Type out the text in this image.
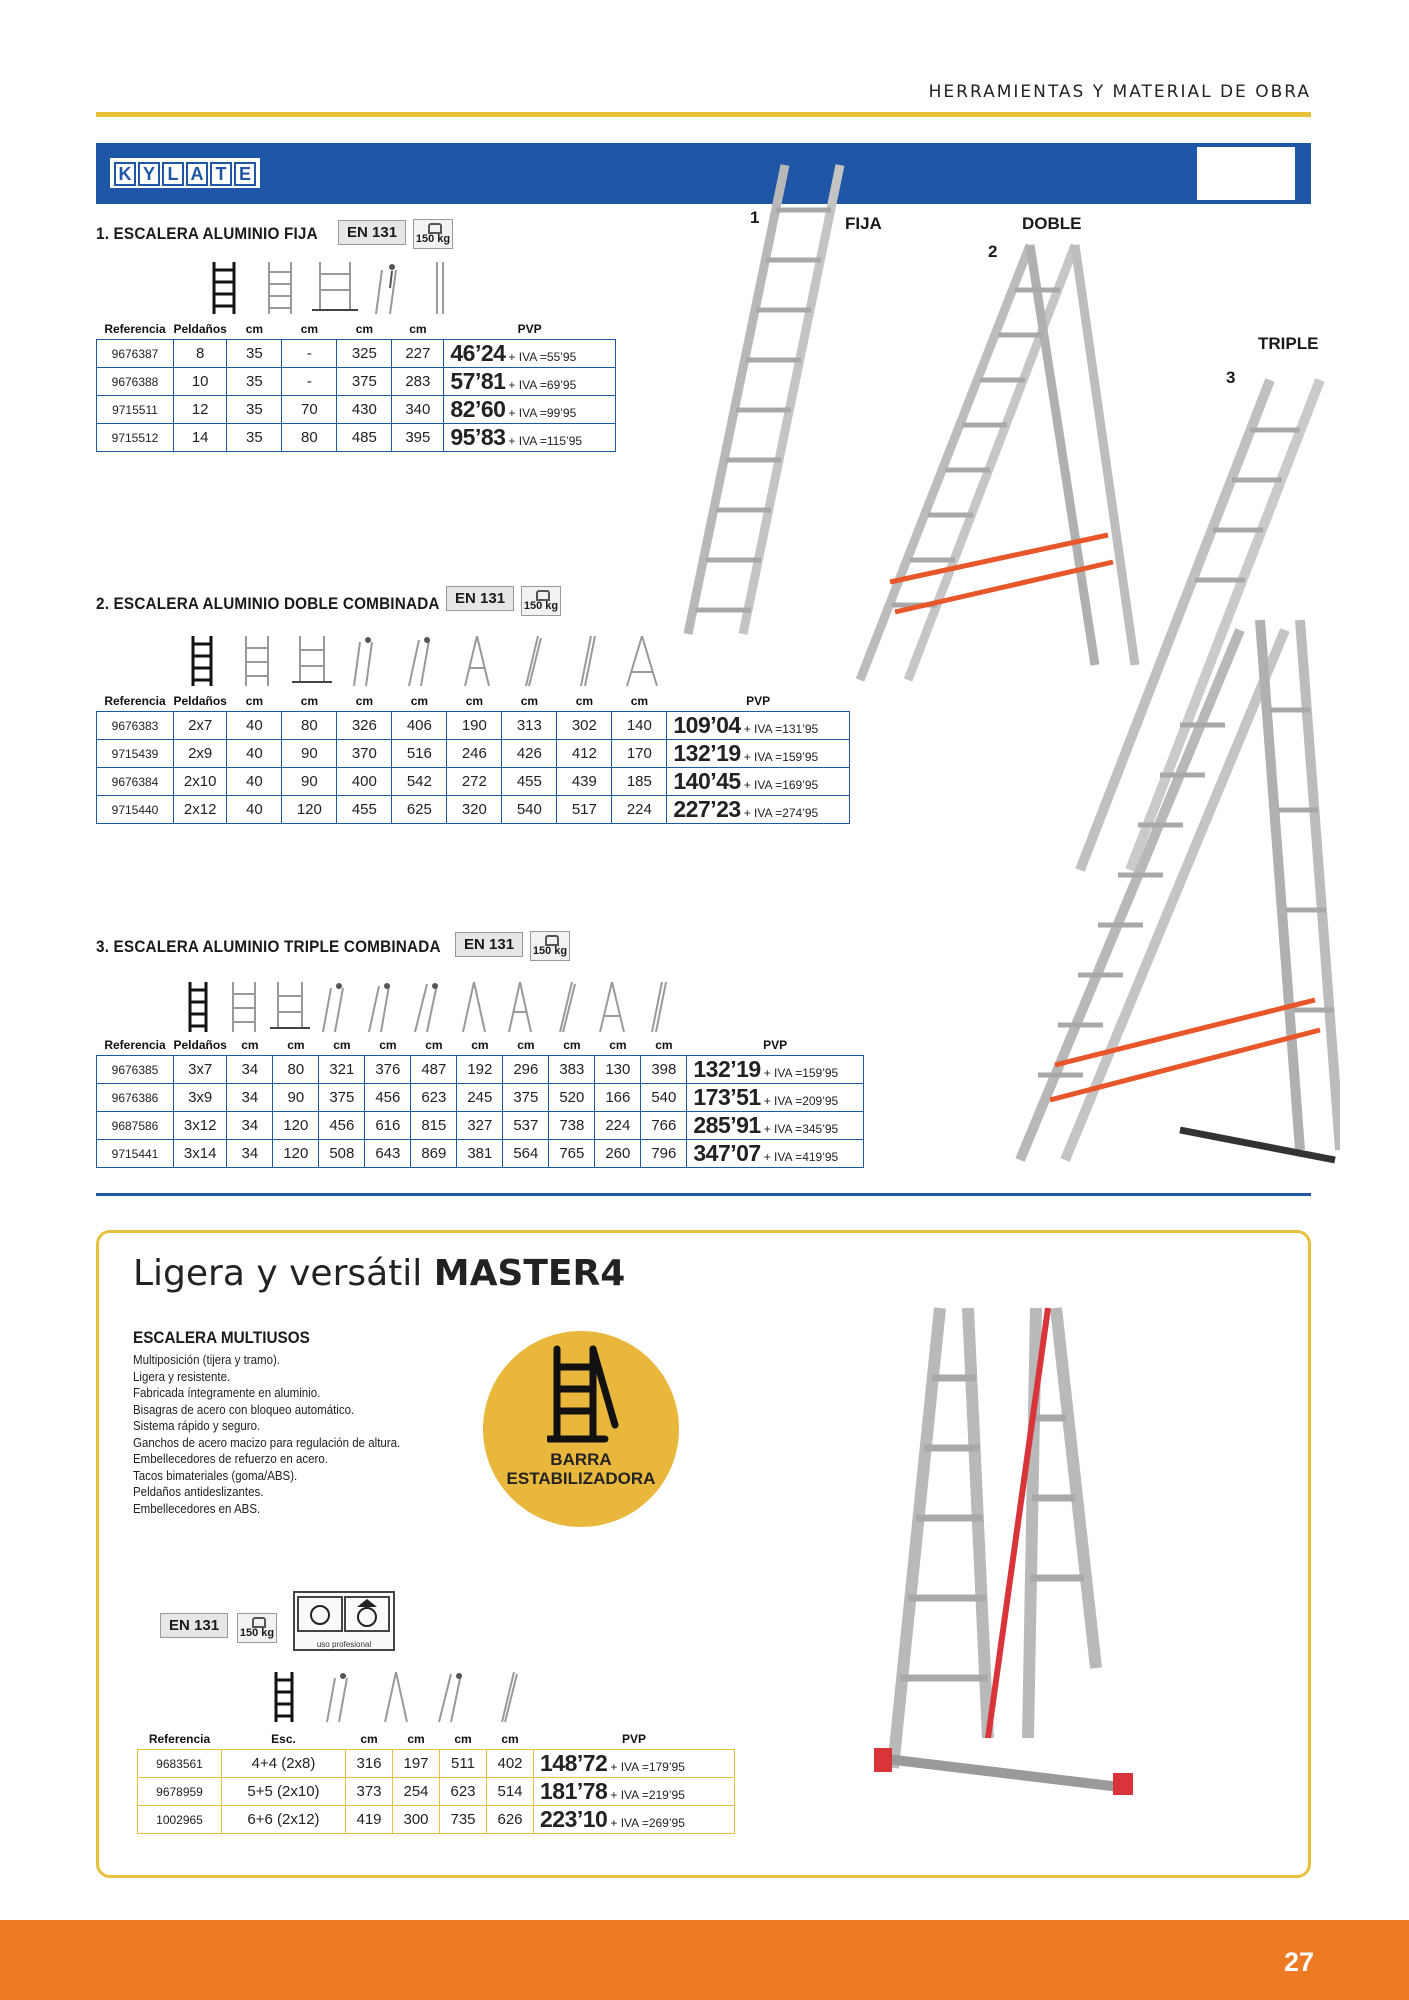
HERRAMIENTAS Y MATERIAL DE OBRA
K Y L A T E
1. ESCALERA ALUMINIO FIJA	EN 131	150 kg
Referencia	Peldaños	cm	cm	cm	cm	PVP
9676387	8	35	-	325	227	46’24 + IVA =55’95
9676388	10	35	-	375	283	57’81 + IVA =69’95
9715511	12	35	70	430	340	82’60 + IVA =99’95
9715512	14	35	80	485	395	95’83 + IVA =115’95
2. ESCALERA ALUMINIO DOBLE COMBINADA	EN 131	150 kg
Referencia	Peldaños	cm	cm	cm	cm	cm	cm	cm	cm	PVP
9676383	2x7	40	80	326	406	190	313	302	140	109’04 + IVA =131’95
9715439	2x9	40	90	370	516	246	426	412	170	132’19 + IVA =159’95
9676384	2x10	40	90	400	542	272	455	439	185	140’45 + IVA =169’95
9715440	2x12	40	120	455	625	320	540	517	224	227’23 + IVA =274’95
3. ESCALERA ALUMINIO TRIPLE COMBINADA	EN 131	150 kg
Referencia	Peldaños	cm	cm	cm	cm	cm	cm	cm	cm	cm	cm	PVP
9676385	3x7	34	80	321	376	487	192	296	383	130	398	132’19 + IVA =159’95
9676386	3x9	34	90	375	456	623	245	375	520	166	540	173’51 + IVA =209’95
9687586	3x12	34	120	456	616	815	327	537	738	224	766	285’91 + IVA =345’95
9715441	3x14	34	120	508	643	869	381	564	765	260	796	347’07 + IVA =419’95
1	FIJA	DOBLE
2
TRIPLE
3
Ligera y versátil MASTER4
ESCALERA MULTIUSOS
Multiposición (tijera y tramo).
Ligera y resistente.
Fabricada íntegramente en aluminio.
Bisagras de acero con bloqueo automático.
Sistema rápido y seguro.
Ganchos de acero macizo para regulación de altura.
Embellecedores de refuerzo en acero.
Tacos bimateriales (goma/ABS).
Peldaños antideslizantes.
Embellecedores en ABS.
BARRA
ESTABILIZADORA
EN 131	150 kg
uso profesional
Referencia	Esc.	cm	cm	cm	cm	PVP
9683561	4+4 (2x8)	316	197	511	402	148’72 + IVA =179’95
9678959	5+5 (2x10)	373	254	623	514	181’78 + IVA =219’95
1002965	6+6 (2x12)	419	300	735	626	223’10 + IVA =269’95
27
